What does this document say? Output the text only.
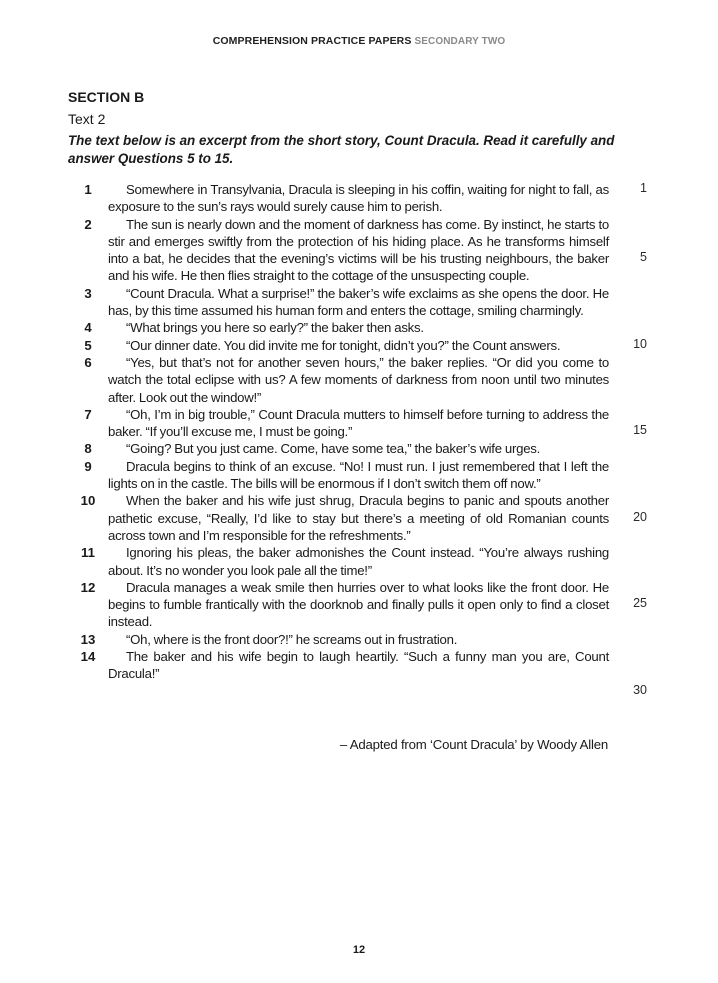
COMPREHENSION PRACTICE PAPERS SECONDARY TWO
SECTION B
Text 2
The text below is an excerpt from the short story, Count Dracula. Read it carefully and answer Questions 5 to 15.
1	Somewhere in Transylvania, Dracula is sleeping in his coffin, waiting for night to fall, as exposure to the sun’s rays would surely cause him to perish.
2	The sun is nearly down and the moment of darkness has come. By instinct, he starts to stir and emerges swiftly from the protection of his hiding place. As he transforms himself into a bat, he decides that the evening’s victims will be his trusting neighbours, the baker and his wife. He then flies straight to the cottage of the unsuspecting couple.
3	“Count Dracula. What a surprise!” the baker’s wife exclaims as she opens the door. He has, by this time assumed his human form and enters the cottage, smiling charmingly.
4	“What brings you here so early?” the baker then asks.
5	“Our dinner date. You did invite me for tonight, didn’t you?” the Count answers.
6	“Yes, but that’s not for another seven hours,” the baker replies. “Or did you come to watch the total eclipse with us? A few moments of darkness from noon until two minutes after. Look out the window!”
7	“Oh, I’m in big trouble,” Count Dracula mutters to himself before turning to address the baker. “If you’ll excuse me, I must be going.”
8	“Going? But you just came. Come, have some tea,” the baker’s wife urges.
9	Dracula begins to think of an excuse. “No! I must run. I just remembered that I left the lights on in the castle. The bills will be enormous if I don’t switch them off now.”
10	When the baker and his wife just shrug, Dracula begins to panic and spouts another pathetic excuse, “Really, I’d like to stay but there’s a meeting of old Romanian counts across town and I’m responsible for the refreshments.”
11	Ignoring his pleas, the baker admonishes the Count instead. “You’re always rushing about. It’s no wonder you look pale all the time!”
12	Dracula manages a weak smile then hurries over to what looks like the front door. He begins to fumble frantically with the doorknob and finally pulls it open only to find a closet instead.
13	“Oh, where is the front door?!” he screams out in frustration.
14	The baker and his wife begin to laugh heartily. “Such a funny man you are, Count Dracula!”
1
5
10
15
20
25
30
– Adapted from ‘Count Dracula’ by Woody Allen
12
